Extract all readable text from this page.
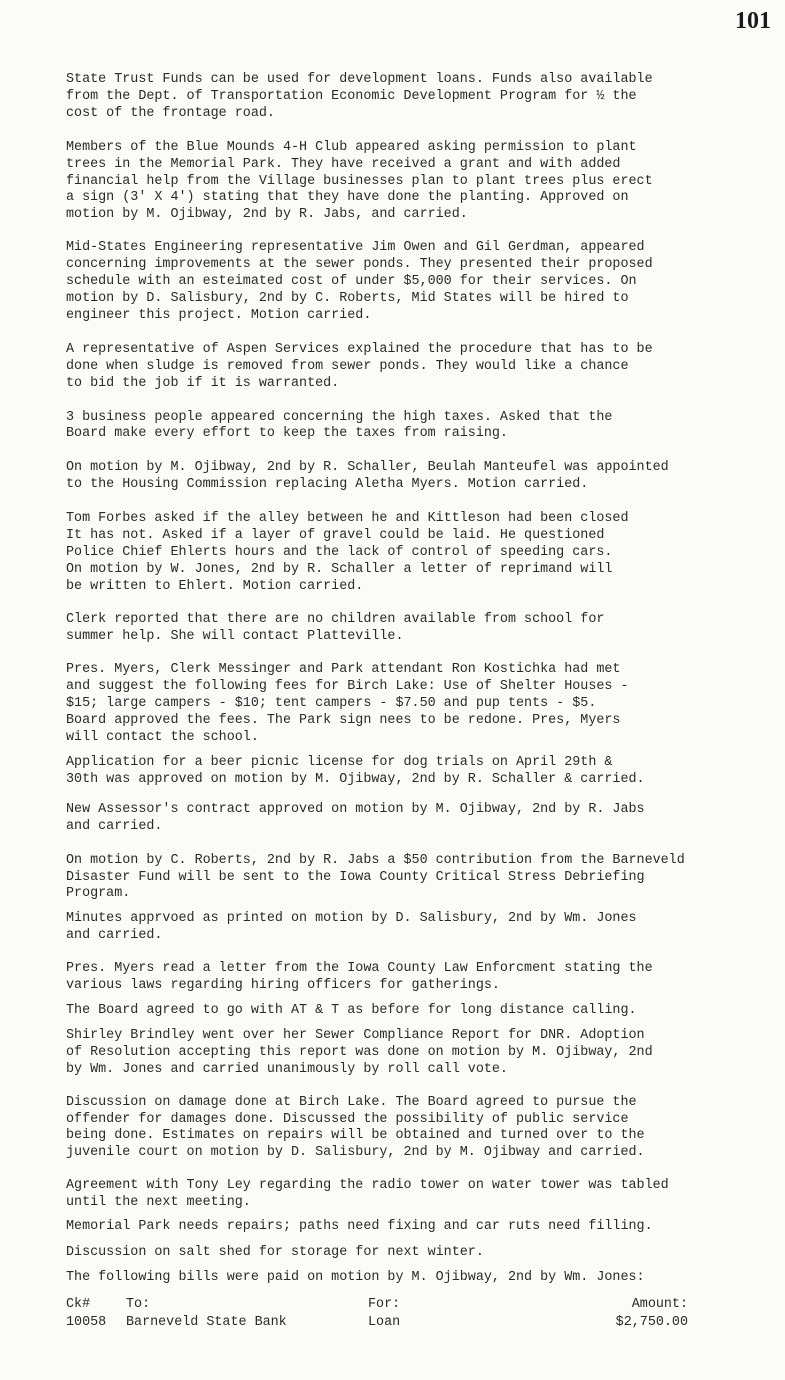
101

State Trust Funds can be used for development loans. Funds also available
from the Dept. of Transportation Economic Development Program for ½ the
cost of the frontage road.

Members of the Blue Mounds 4-H Club appeared asking permission to plant
trees in the Memorial Park. They have received a grant and with added
financial help from the Village businesses plan to plant trees plus erect
a sign (3' X 4') stating that they have done the planting. Approved on
motion by M. Ojibway, 2nd by R. Jabs, and carried.

Mid-States Engineering representative Jim Owen and Gil Gerdman, appeared
concerning improvements at the sewer ponds. They presented their proposed
schedule with an esteimated cost of under $5,000 for their services. On
motion by D. Salisbury, 2nd by C. Roberts, Mid States will be hired to
engineer this project. Motion carried.

A representative of Aspen Services explained the procedure that has to be
done when sludge is removed from sewer ponds. They would like a chance
to bid the job if it is warranted.

3 business people appeared concerning the high taxes. Asked that the
Board make every effort to keep the taxes from raising.

On motion by M. Ojibway, 2nd by R. Schaller, Beulah Manteufel was appointed
to the Housing Commission replacing Aletha Myers. Motion carried.

Tom Forbes asked if the alley between he and Kittleson had been closed
It has not. Asked if a layer of gravel could be laid. He questioned
Police Chief Ehlerts hours and the lack of control of speeding cars.
On motion by W. Jones, 2nd by R. Schaller a letter of reprimand will
be written to Ehlert. Motion carried.

Clerk reported that there are no children available from school for
summer help. She will contact Platteville.

Pres. Myers, Clerk Messinger and Park attendant Ron Kostichka had met
and suggest the following fees for Birch Lake: Use of Shelter Houses -
$15; large campers - $10; tent campers - $7.50 and pup tents - $5.
Board approved the fees. The Park sign nees to be redone. Pres, Myers
will contact the school.

Application for a beer picnic license for dog trials on April 29th &
30th was approved on motion by M. Ojibway, 2nd by R. Schaller & carried.

New Assessor's contract approved on motion by M. Ojibway, 2nd by R. Jabs
and carried.

On motion by C. Roberts, 2nd by R. Jabs a $50 contribution from the Barneveld
Disaster Fund will be sent to the Iowa County Critical Stress Debriefing
Program.

Minutes apprvoed as printed on motion by D. Salisbury, 2nd by Wm. Jones
and carried.

Pres. Myers read a letter from the Iowa County Law Enforcment stating the
various laws regarding hiring officers for gatherings.

The Board agreed to go with AT & T as before for long distance calling.

Shirley Brindley went over her Sewer Compliance Report for DNR. Adoption
of Resolution accepting this report was done on motion by M. Ojibway, 2nd
by Wm. Jones and carried unanimously by roll call vote.

Discussion on damage done at Birch Lake. The Board agreed to pursue the
offender for damages done. Discussed the possibility of public service
being done. Estimates on repairs will be obtained and turned over to the
juvenile court on motion by D. Salisbury, 2nd by M. Ojibway and carried.

Agreement with Tony Ley regarding the radio tower on water tower was tabled
until the next meeting.

Memorial Park needs repairs; paths need fixing and car ruts need filling.

Discussion on salt shed for storage for next winter.

The following bills were paid on motion by M. Ojibway, 2nd by Wm. Jones:

Ck#	To:	For:	Amount:
10058 Barneveld State Bank	Loan	$2,750.00
